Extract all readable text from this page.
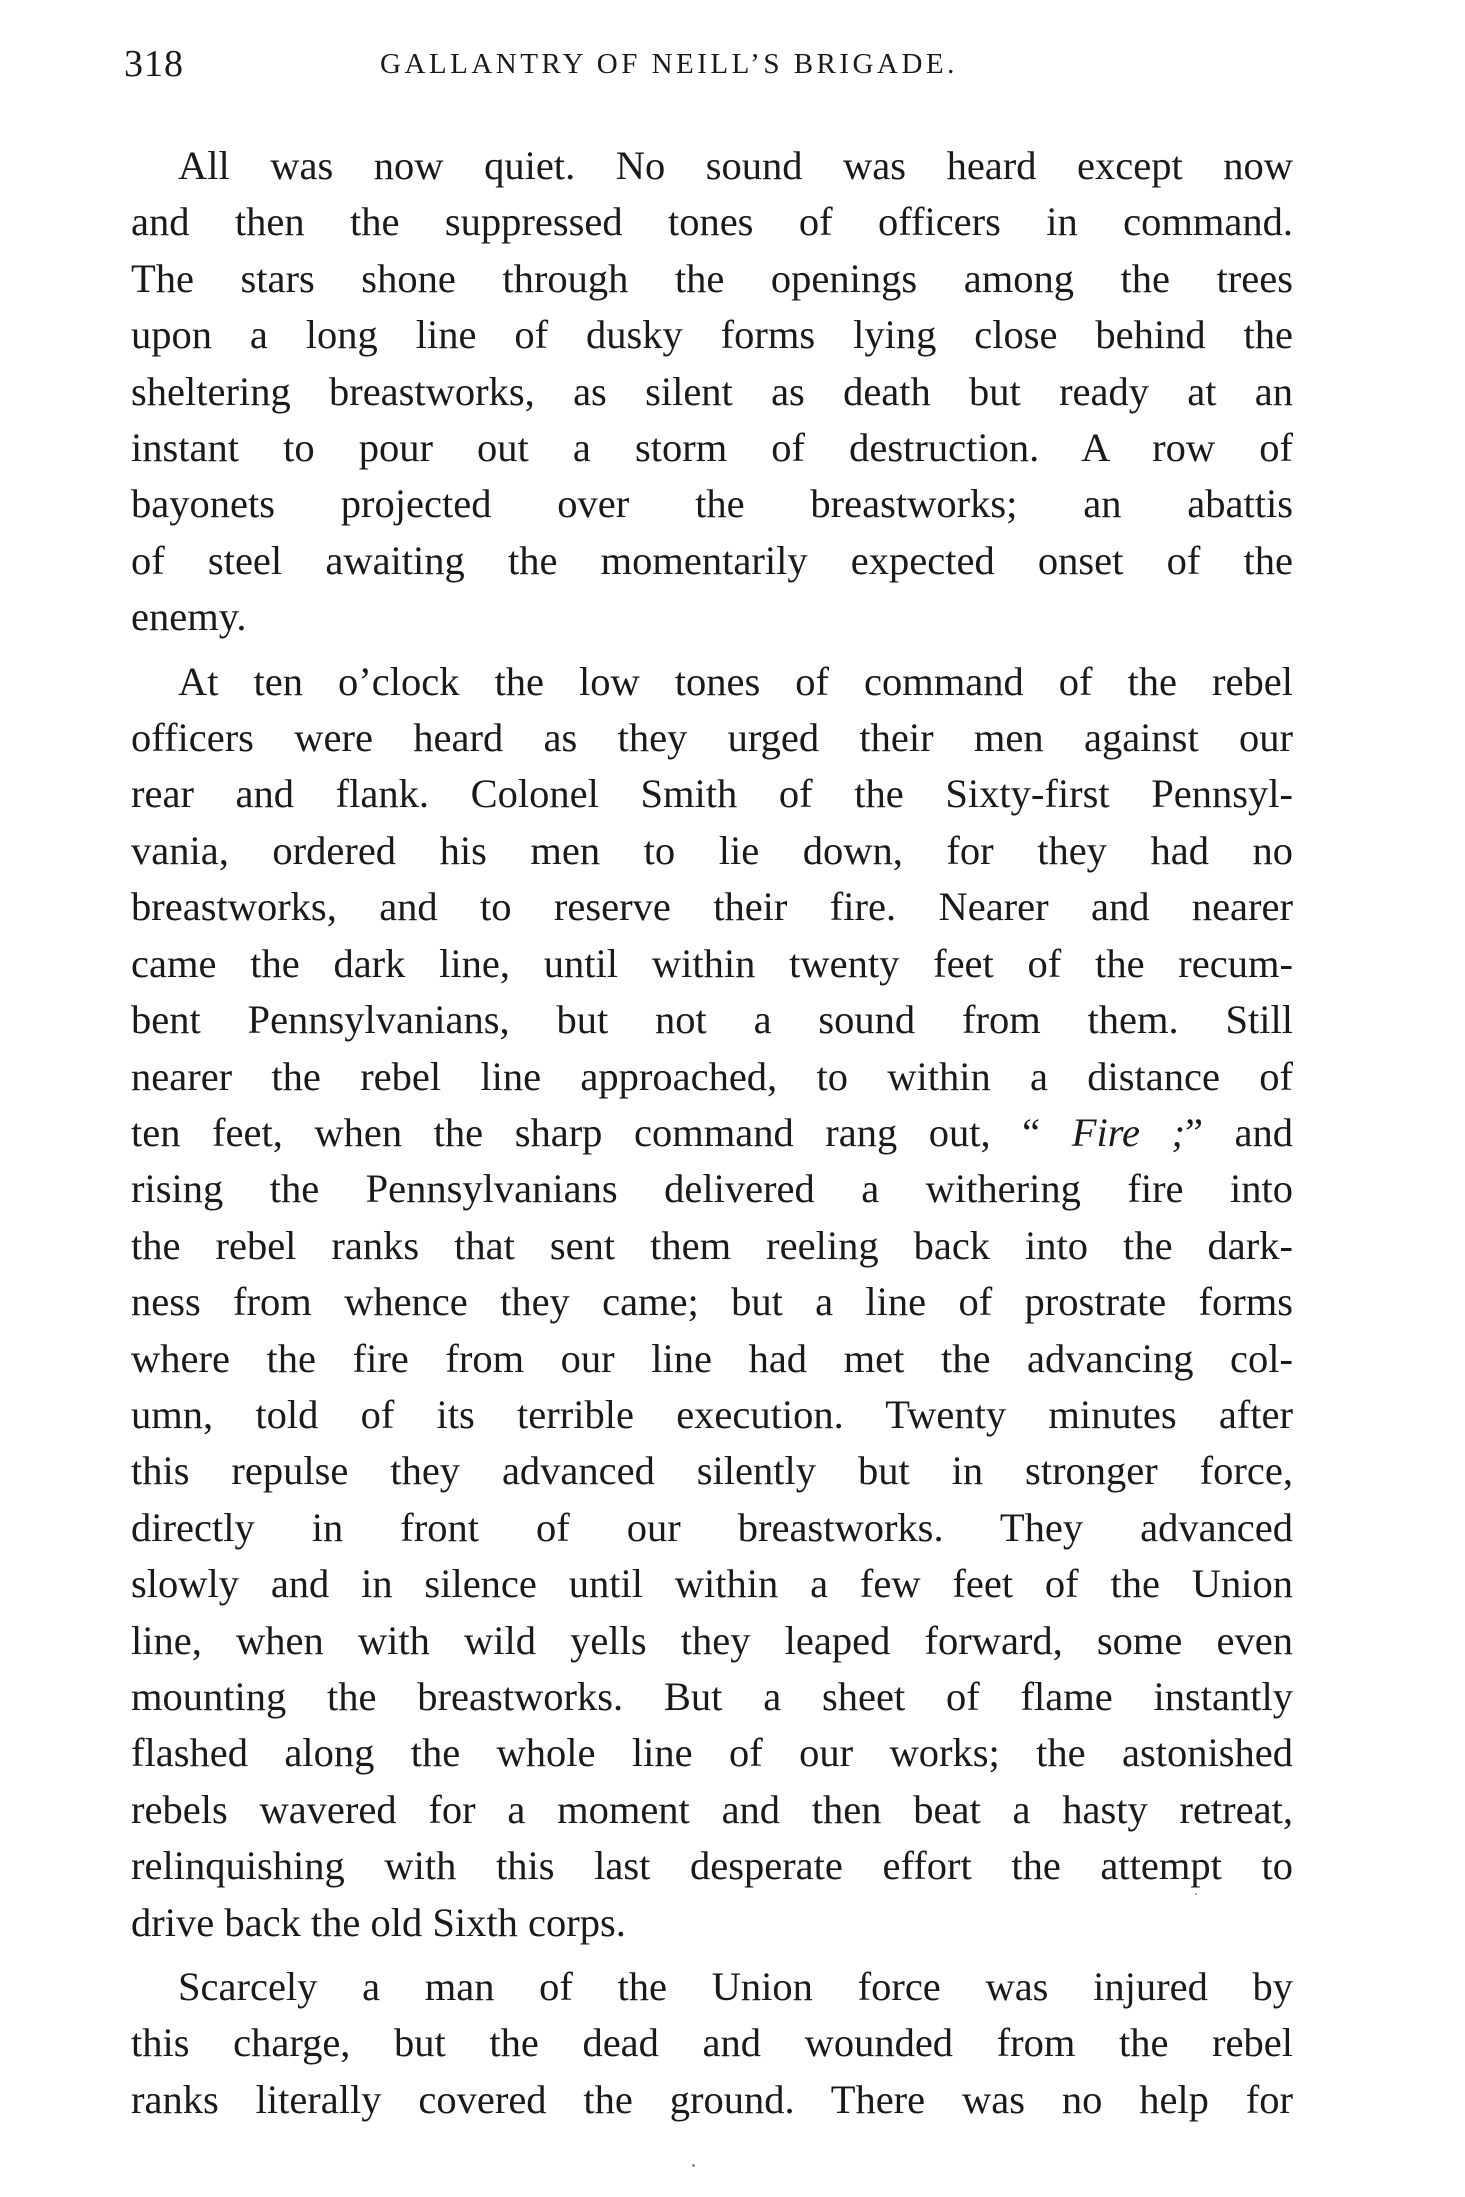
318	GALLANTRY OF NEILL’S BRIGADE.

All was now quiet. No sound was heard except now
and then the suppressed tones of officers in command.
The stars shone through the openings among the trees
upon a long line of dusky forms lying close behind the
sheltering breastworks, as silent as death but ready at an
instant to pour out a storm of destruction. A row of
bayonets projected over the breastworks; an abattis
of steel awaiting the momentarily expected onset of the
enemy.

At ten o’clock the low tones of command of the rebel
officers were heard as they urged their men against our
rear and flank. Colonel Smith of the Sixty-first Pennsyl-
vania, ordered his men to lie down, for they had no
breastworks, and to reserve their fire. Nearer and nearer
came the dark line, until within twenty feet of the recum-
bent Pennsylvanians, but not a sound from them. Still
nearer the rebel line approached, to within a distance of
ten feet, when the sharp command rang out, “ Fire ;” and
rising the Pennsylvanians delivered a withering fire into
the rebel ranks that sent them reeling back into the dark-
ness from whence they came; but a line of prostrate forms
where the fire from our line had met the advancing col-
umn, told of its terrible execution. Twenty minutes after
this repulse they advanced silently but in stronger force,
directly in front of our breastworks. They advanced
slowly and in silence until within a few feet of the Union
line, when with wild yells they leaped forward, some even
mounting the breastworks. But a sheet of flame instantly
flashed along the whole line of our works; the astonished
rebels wavered for a moment and then beat a hasty retreat,
relinquishing with this last desperate effort the attempt to
drive back the old Sixth corps.

Scarcely a man of the Union force was injured by
this charge, but the dead and wounded from the rebel
ranks literally covered the ground. There was no help for
